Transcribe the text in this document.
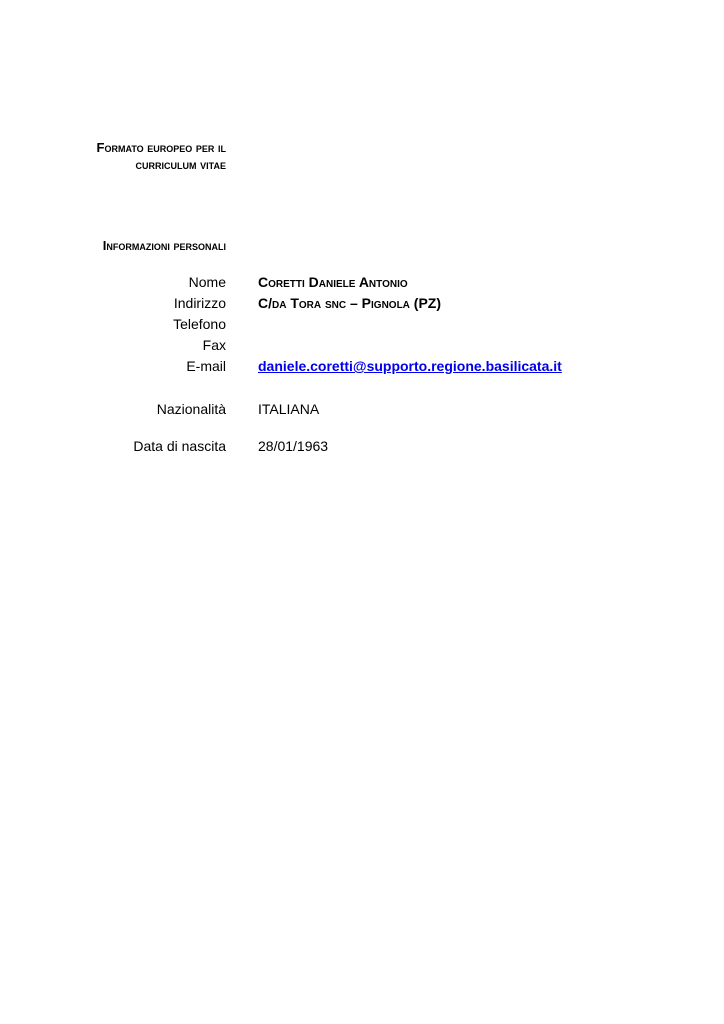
Formato europeo per il
curriculum vitae
Informazioni personali
Nome Coretti Daniele Antonio
Indirizzo C/da Tora snc – Pignola (PZ)
Telefono
Fax
E-mail daniele.coretti@supporto.regione.basilicata.it
Nazionalità ITALIANA
Data di nascita 28/01/1963
